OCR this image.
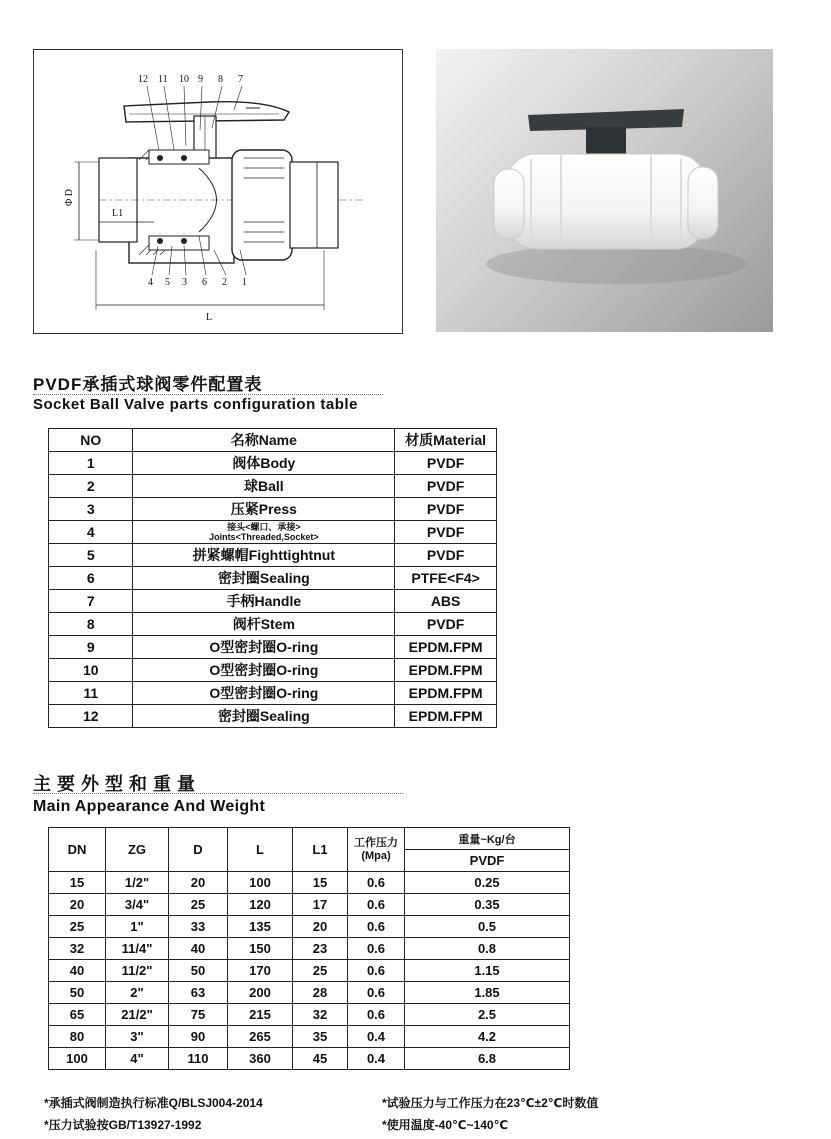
12 11 10 9 8 7
4 5 3 6 2 1
Φ D
L1
L
PVDF承插式球阀零件配置表
Socket Ball Valve parts configuration table
NO	名称Name	材质Material
1	阀体Body	PVDF
2	球Ball	PVDF
3	压紧Press	PVDF
4	接头<螺口、承接>
Joints<Threaded,Socket>	PVDF
5	拼紧螺帽Fighttightnut	PVDF
6	密封圈Sealing	PTFE<F4>
7	手柄Handle	ABS
8	阀杆Stem	PVDF
9	O型密封圈O-ring	EPDM.FPM
10	O型密封圈O-ring	EPDM.FPM
11	O型密封圈O-ring	EPDM.FPM
12	密封圈Sealing	EPDM.FPM
主要外型和重量
Main Appearance And Weight
DN	ZG	D	L	L1	工作压力
(Mpa)	重量~Kg/台
						PVDF
15	1/2"	20	100	15	0.6	0.25
20	3/4"	25	120	17	0.6	0.35
25	1"	33	135	20	0.6	0.5
32	11/4"	40	150	23	0.6	0.8
40	11/2"	50	170	25	0.6	1.15
50	2"	63	200	28	0.6	1.85
65	21/2"	75	215	32	0.6	2.5
80	3"	90	265	35	0.4	4.2
100	4"	110	360	45	0.4	6.8
*承插式阀制造执行标准Q/BLSJ004-2014
*压力试验按GB/T13927-1992
*试验压力与工作压力在23℃±2℃时数值
*使用温度-40℃~140℃
